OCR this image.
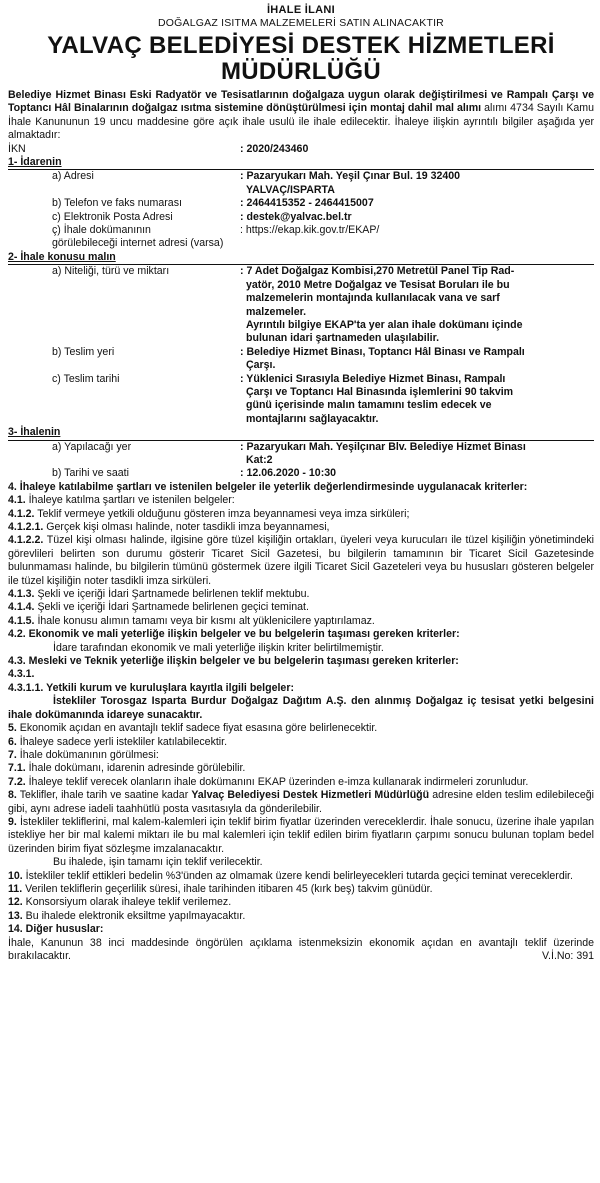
İHALE İLANI
DOĞALGAZ ISITMA MALZEMELERİ SATIN ALINACAKTIR
YALVAÇ BELEDİYESİ DESTEK HİZMETLERİ
MÜDÜRLÜĞÜ
Belediye Hizmet Binası Eski Radyatör ve Tesisatlarının doğalgaza uygun olarak değiştirilmesi ve Rampalı Çarşı ve Toptancı Hâl Binalarının doğalgaz ısıtma sistemine dönüştürülmesi için montaj dahil mal alımı alımı 4734 Sayılı Kamu İhale Kanununun 19 uncu maddesine göre açık ihale usulü ile ihale edilecektir. İhaleye ilişkin ayrıntılı bilgiler aşağıda yer almaktadır:
İKN	: 2020/243460
1- İdarenin
a) Adresi	: Pazaryukarı Mah. Yeşil Çınar Bul. 19 32400
YALVAÇ/ISPARTA
b) Telefon ve faks numarası	: 2464415352 - 2464415007
c) Elektronik Posta Adresi	: destek@yalvac.bel.tr
ç) İhale dokümanının	: https://ekap.kik.gov.tr/EKAP/
görülebileceği internet adresi (varsa)
2- İhale konusu malın
a) Niteliği, türü ve miktarı	: 7 Adet Doğalgaz Kombisi,270 Metretül Panel Tip Rad-
yatör, 2010 Metre Doğalgaz ve Tesisat Boruları ile bu
malzemelerin montajında kullanılacak vana ve sarf
malzemeler.
Ayrıntılı bilgiye EKAP'ta yer alan ihale dokümanı içinde
bulunan idari şartnameden ulaşılabilir.
b) Teslim yeri	: Belediye Hizmet Binası, Toptancı Hâl Binası ve Rampalı
Çarşı.
c) Teslim tarihi	: Yüklenici Sırasıyla Belediye Hizmet Binası, Rampalı
Çarşı ve Toptancı Hal Binasında işlemlerini 90 takvim
günü içerisinde malın tamamını teslim edecek ve
montajlarını sağlayacaktır.
3- İhalenin
a) Yapılacağı yer	: Pazaryukarı Mah. Yeşilçınar Blv. Belediye Hizmet Binası
Kat:2
b) Tarihi ve saati	: 12.06.2020 - 10:30
4. İhaleye katılabilme şartları ve istenilen belgeler ile yeterlik değerlendirmesinde uygulanacak kriterler:
4.1. İhaleye katılma şartları ve istenilen belgeler:
4.1.2. Teklif vermeye yetkili olduğunu gösteren imza beyannamesi veya imza sirküleri;
4.1.2.1. Gerçek kişi olması halinde, noter tasdikli imza beyannamesi,
4.1.2.2. Tüzel kişi olması halinde, ilgisine göre tüzel kişiliğin ortakları, üyeleri veya kurucuları ile tüzel kişiliğin yönetimindeki görevlileri belirten son durumu gösterir Ticaret Sicil Gazetesi, bu bilgilerin tamamının bir Ticaret Sicil Gazetesinde bulunmaması halinde, bu bilgilerin tümünü göstermek üzere ilgili Ticaret Sicil Gazeteleri veya bu hususları gösteren belgeler ile tüzel kişiliğin noter tasdikli imza sirküleri.
4.1.3. Şekli ve içeriği İdari Şartnamede belirlenen teklif mektubu.
4.1.4. Şekli ve içeriği İdari Şartnamede belirlenen geçici teminat.
4.1.5. İhale konusu alımın tamamı veya bir kısmı alt yüklenicilere yaptırılamaz.
4.2. Ekonomik ve mali yeterliğe ilişkin belgeler ve bu belgelerin taşıması gereken kriterler:
İdare tarafından ekonomik ve mali yeterliğe ilişkin kriter belirtilmemiştir.
4.3. Mesleki ve Teknik yeterliğe ilişkin belgeler ve bu belgelerin taşıması gereken kriterler:
4.3.1.
4.3.1.1. Yetkili kurum ve kuruluşlara kayıtla ilgili belgeler:
İstekliler Torosgaz Isparta Burdur Doğalgaz Dağıtım A.Ş. den alınmış Doğalgaz iç tesisat yetki belgesini ihale dokümanında idareye sunacaktır.
5. Ekonomik açıdan en avantajlı teklif sadece fiyat esasına göre belirlenecektir.
6. İhaleye sadece yerli istekliler katılabilecektir.
7. İhale dokümanının görülmesi:
7.1. İhale dokümanı, idarenin adresinde görülebilir.
7.2. İhaleye teklif verecek olanların ihale dokümanını EKAP üzerinden e-imza kullanarak indirmeleri zorunludur.
8. Teklifler, ihale tarih ve saatine kadar Yalvaç Belediyesi Destek Hizmetleri Müdürlüğü adresine elden teslim edilebileceği gibi, aynı adrese iadeli taahhütlü posta vasıtasıyla da gönderilebilir.
9. İstekliler tekliflerini, mal kalem-kalemleri için teklif birim fiyatlar üzerinden vereceklerdir. İhale sonucu, üzerine ihale yapılan istekliye her bir mal kalemi miktarı ile bu mal kalemleri için teklif edilen birim fiyatların çarpımı sonucu bulunan toplam bedel üzerinden birim fiyat sözleşme imzalanacaktır.
Bu ihalede, işin tamamı için teklif verilecektir.
10. İstekliler teklif ettikleri bedelin %3'ünden az olmamak üzere kendi belirleyecekleri tutarda geçici teminat vereceklerdir.
11. Verilen tekliflerin geçerlilik süresi, ihale tarihinden itibaren 45 (kırk beş) takvim günüdür.
12. Konsorsiyum olarak ihaleye teklif verilemez.
13. Bu ihalede elektronik eksiltme yapılmayacaktır.
14. Diğer hususlar:
İhale, Kanunun 38 inci maddesinde öngörülen açıklama istenmeksizin ekonomik açıdan en avantajlı teklif üzerinde bırakılacaktır.	V.İ.No: 391
